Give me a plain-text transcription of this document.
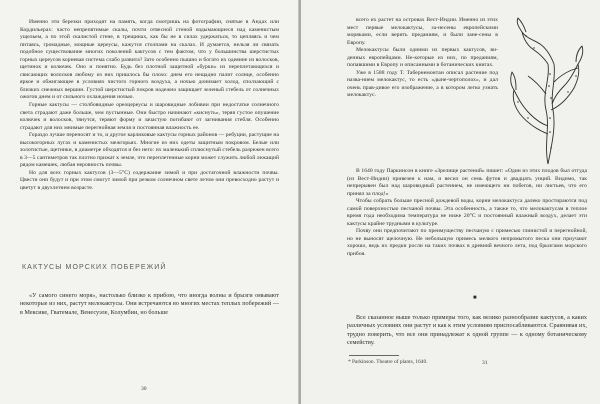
Именно эти березки приходят на память, когда смотришь на фотографии, снятые в Андах или Кордильерах: часто непрепятимые скалы, почти отвесной стеной вздымающиеся над каменистым ущельем, а по этой скалистой стене, в трещинах, как бы не в силах удержаться, то цепляясь и чем питаясь, громадные, мощные цереусы, кажутся столпами на скалах. И думается, нельзя ли связать подобное существование многих поколений кактусов с тем фактом, что у большинства шерстистых горных цереусов корневая система слабо развита? Зато особенно пышно и богато их одеяние из волосков, щетинок и колючек. Оно и понятно. Будь без плотной защитной «бурки» из переплетающихся и свисающих волосков любому из них пришлось бы плохо: днем его нещадно палит солнце, особенно яркое и обжигающее в условиях чистого горного воздуха, а ночью донимает холод, сползающий с близких снежных вершин. Густой шерстистый покров надежно защищает зеленый стебель от солнечных ожогов днем и от сильного охлаждения ночью.

Горные кактусы — столбовидные ореоцереусы и шаровидные лобивии при недостатке солнечного света страдают даже больше, чем пустынные. Они быстро начинают «киснуть», теряя густое опушение колючек и волосков, тянутся, теряют форму и зачастую погибают от загнивания стебля. Особенно страдают для них мнимые перегнойная земля и постоянная влажность ее.

Гораздо лучше переносят и то, и другое карликовые кактусы горных районов — ребуции, растущие на высокогорных лугах и каменистых межгорьях. Многие из них одеты защитным покровом. Белые или золотистые, щетинки, в диаметре обходятся и без него: их маленький сплюснутый стебель разрежен всего в 3—5 сантиметров так плотно прижат к земле, что переплетенные корни может служить любой лежащий рядом камешек, любая неровность почвы.

Но для всех горных кактусов (3—5°С) содержание зимой и при достаточной влажности почвы. Цвести они будут и при этом смогут зимой при резком солнечном свете летом они превосходно растут и цветут в двухлетнем возрасте.

КАКТУСЫ МОРСКИХ ПОБЕРЕЖИЙ

«У самого синего моря», настолько близко к прибою, что иногда волны и брызги омывают некоторые из них, растут мелокактусы. Они встречаются во многих местах теплых побережий — в Мексике, Гватемале, Венесуэле, Колумбии, но больше

30

всего их растет на островах Вест-Индии. Именно из этих мест первые мелокактусы, за-несены европейскими моряками, если верить преданиям, и были зане-сены в Европу.

Мелокактусы были одними из первых кактусов, ви-денных европейцами. Не-которые из них, по преданиям, попавшими в Европу и описанными в ботанических книгах.

Уже в 1588 году Т. Табернемонтан описал растение под назва-нием мелокактус, то есть «дыне-чертополох», и дал очень прав-дивое его изображение, а в котором легко узнать мелокактус.

В 1640 году Паркинсон в книге «Зрелище растений» пишет: «Один из этих плодов был отгуда (из Вест-Индии) привезен к нам, и весил он семь футов и двадцать унций. Видимо, так непрерывен был над шаровидный растением, не имеющего ни побегов, ни листьев, что его принял за плод!»

Чтобы собрать больше пресной дождевой воды, корни мелокактуса далеко простираются под самой поверхностью песчаной почвы. Эта особенность, а также то, что мелокактусам в теплое время года необходима температура не ниже 20°С и постоянный влажный воздух, делает эти кактусы крайне трудными в культуре.

Почву они предпочитают по преимуществу песчаную с примесью глинистой и перегнойной, но не выносят щелочную. Не небольшую примесь мелкого непромытого песка они приучают хорошо, ведь их предки росли на таких почвах в древний вечного лета, под брызгами морского прибоя.

■

Все сказанное выше только примеры того, как велико разнообразие кактусов, а каких различных условиях они растут и как к этим условиям приспосабливаются. Сравнивая их, трудно поверить, что все они принадлежат к одной группе — к одному ботаническому семейству.

* Parkinson. Theatre of plants, 1640.	31
